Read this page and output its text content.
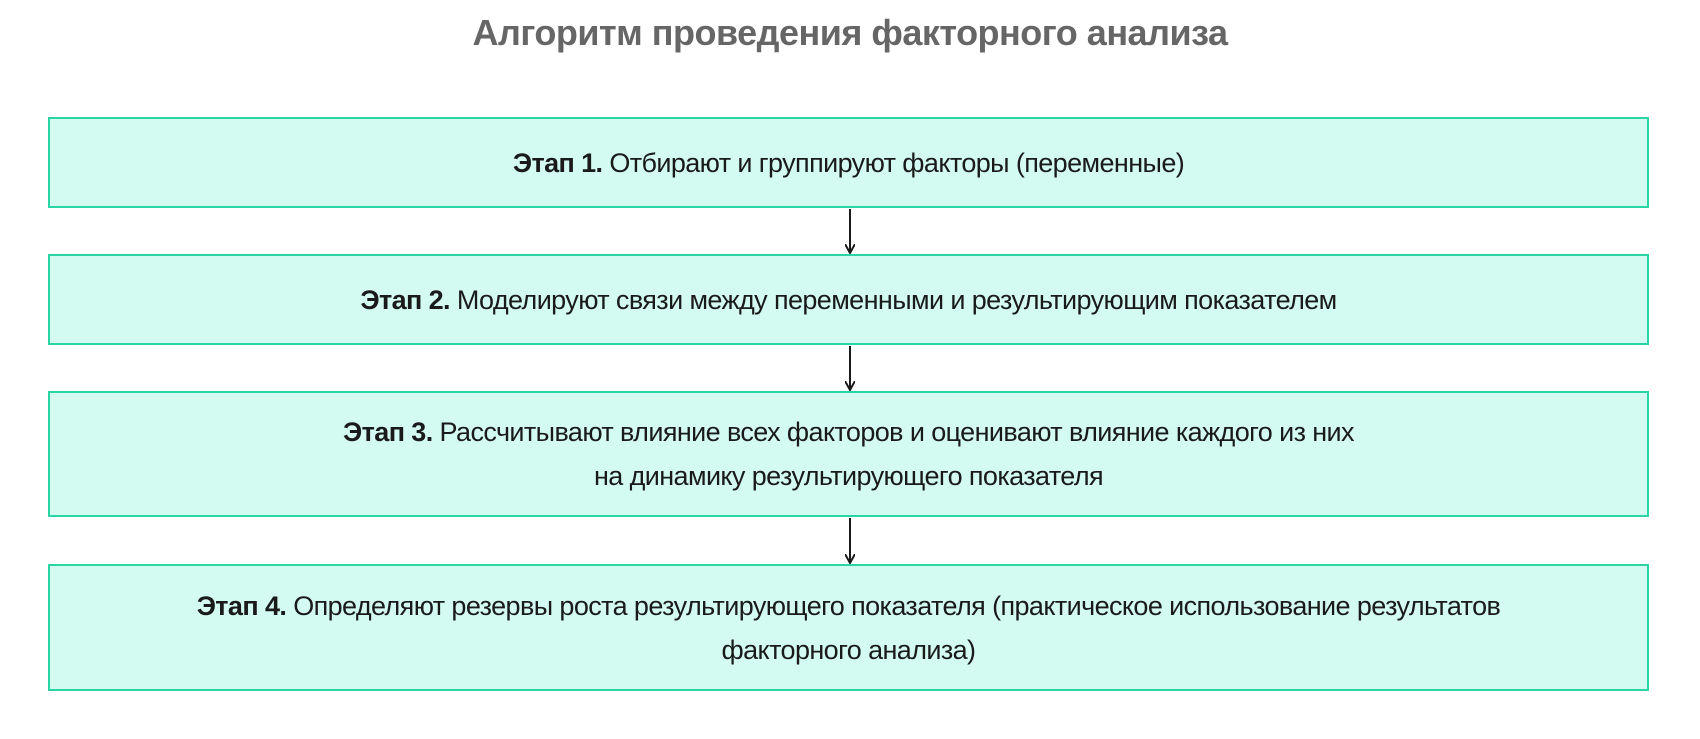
Алгоритм проведения факторного анализа
Этап 1. Отбирают и группируют факторы (переменные)
Этап 2. Моделируют связи между переменными и результирующим показателем
Этап 3. Рассчитывают влияние всех факторов и оценивают влияние каждого из них на динамику результирующего показателя
Этап 4. Определяют резервы роста результирующего показателя (практическое использование результатов факторного анализа)
